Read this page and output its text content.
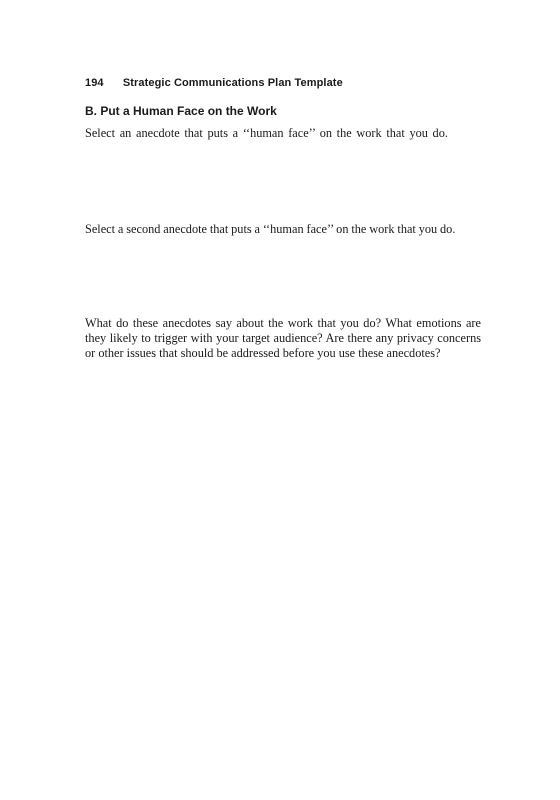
194 Strategic Communications Plan Template
B. Put a Human Face on the Work

Select an anecdote that puts a ‘‘human face’’ on the work that you do.

Select a second anecdote that puts a ‘‘human face’’ on the work that you do.

What do these anecdotes say about the work that you do? What emotions are they likely to trigger with your target audience? Are there any privacy concerns or other issues that should be addressed before you use these anecdotes?
